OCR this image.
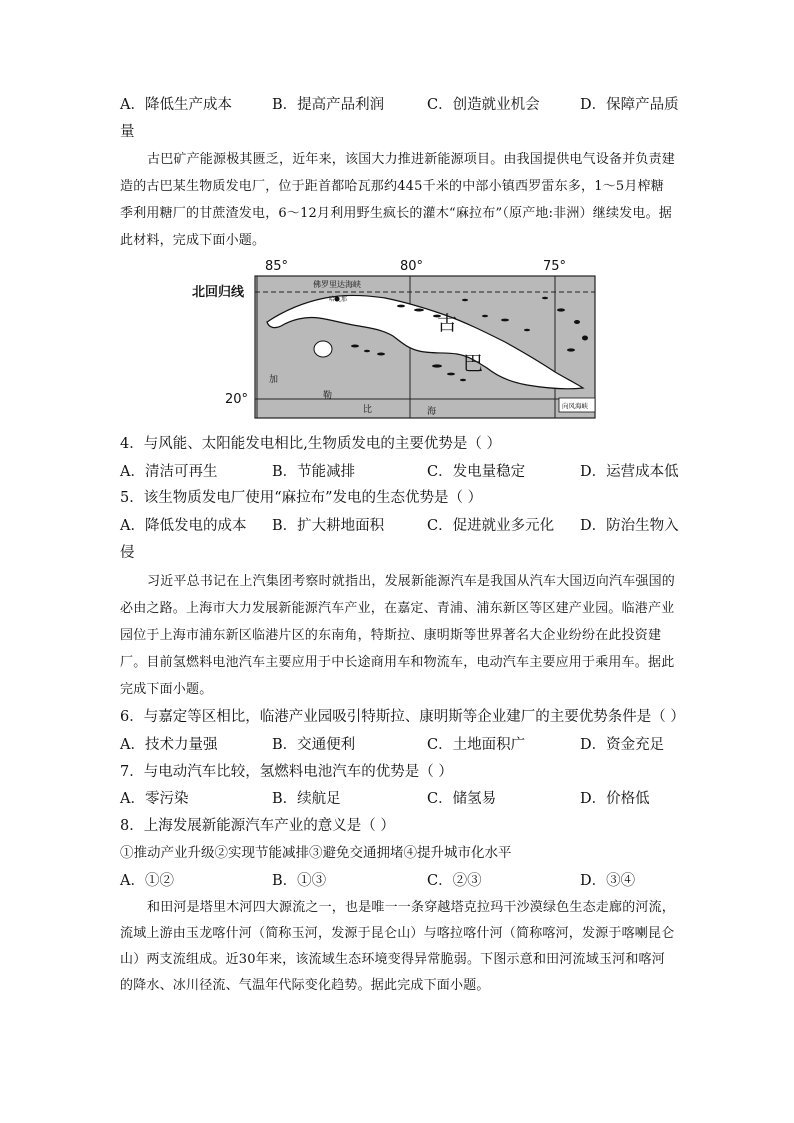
A．降低生产成本	B．提高产品利润	C．创造就业机会	D．保障产品质
量
古巴矿产能源极其匮乏，近年来，该国大力推进新能源项目。由我国提供电气设备并负责建造的古巴某生物质发电厂，位于距首都哈瓦那约445千米的中部小镇西罗雷东多，1～5月榨糖季利用糖厂的甘蔗渣发电，6～12月利用野生疯长的灌木“麻拉布”（原产地:非洲）继续发电。据此材料，完成下面小题。
85°	80°	75°
北回归线
20°
佛罗里达海峡
哈瓦那
古
巴
加
勒
比	海
向风海峡
4．与风能、太阳能发电相比,生物质发电的主要优势是（ ）
A．清洁可再生	B．节能减排	C．发电量稳定	D．运营成本低
5．该生物质发电厂使用“麻拉布”发电的生态优势是（ ）
A．降低发电的成本 B．扩大耕地面积	C．促进就业多元化 D．防治生物入
侵
习近平总书记在上汽集团考察时就指出，发展新能源汽车是我国从汽车大国迈向汽车强国的必由之路。上海市大力发展新能源汽车产业，在嘉定、青浦、浦东新区等区建产业园。临港产业园位于上海市浦东新区临港片区的东南角，特斯拉、康明斯等世界著名大企业纷纷在此投资建厂。目前氢燃料电池汽车主要应用于中长途商用车和物流车，电动汽车主要应用于乘用车。据此完成下面小题。
6．与嘉定等区相比，临港产业园吸引特斯拉、康明斯等企业建厂的主要优势条件是（ ）
A．技术力量强	B．交通便利	C．土地面积广	D．资金充足
7．与电动汽车比较，氢燃料电池汽车的优势是（ ）
A．零污染	B．续航足	C．储氢易	D．价格低
8．上海发展新能源汽车产业的意义是（ ）
①推动产业升级②实现节能减排③避免交通拥堵④提升城市化水平
A．①②	B．①③	C．②③	D．③④
和田河是塔里木河四大源流之一，也是唯一一条穿越塔克拉玛干沙漠绿色生态走廊的河流，流域上游由玉龙喀什河（简称玉河，发源于昆仑山）与喀拉喀什河（简称喀河，发源于喀喇昆仑山）两支流组成。近30年来，该流域生态环境变得异常脆弱。下图示意和田河流域玉河和喀河的降水、冰川径流、气温年代际变化趋势。据此完成下面小题。
